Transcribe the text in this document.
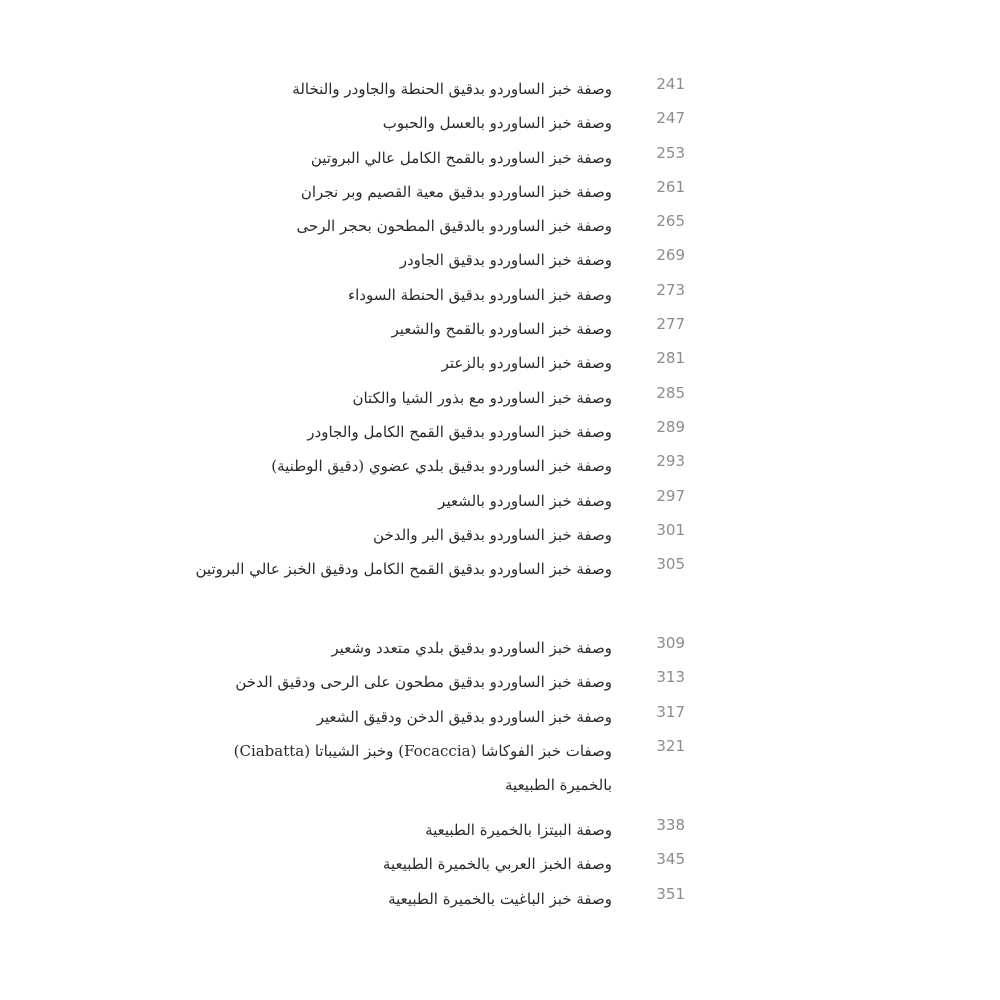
241
وصفة خبز الساوردو بدقيق الحنطة والجاودر والنخالة
247
وصفة خبز الساوردو بالعسل والحبوب
253
وصفة خبز الساوردو بالقمح الكامل عالي البروتين
261
وصفة خبز الساوردو بدقيق معية القصيم وبر نجران
265
وصفة خبز الساوردو بالدقيق المطحون بحجر الرحى
269
وصفة خبز الساوردو بدقيق الجاودر
273
وصفة خبز الساوردو بدقيق الحنطة السوداء
277
وصفة خبز الساوردو بالقمح والشعير
281
وصفة خبز الساوردو بالزعتر
285
وصفة خبز الساوردو مع بذور الشيا والكتان
289
وصفة خبز الساوردو بدقيق القمح الكامل والجاودر
293
وصفة خبز الساوردو بدقيق بلدي عضوي (دقيق الوطنية)
297
وصفة خبز الساوردو بالشعير
301
وصفة خبز الساوردو بدقيق البر والدخن
305
وصفة خبز الساوردو بدقيق القمح الكامل ودقيق الخبز عالي البروتين
309
وصفة خبز الساوردو بدقيق بلدي متعدد وشعير
313
وصفة خبز الساوردو بدقيق مطحون على الرحى ودقيق الدخن
317
وصفة خبز الساوردو بدقيق الدخن ودقيق الشعير
321
وصفات خبز الفوكاشا (Focaccia) وخبز الشيباتا (Ciabatta) بالخميرة الطبيعية
338
وصفة البيتزا بالخميرة الطبيعية
345
وصفة الخبز العربي بالخميرة الطبيعية
351
وصفة خبز الباغيت بالخميرة الطبيعية
